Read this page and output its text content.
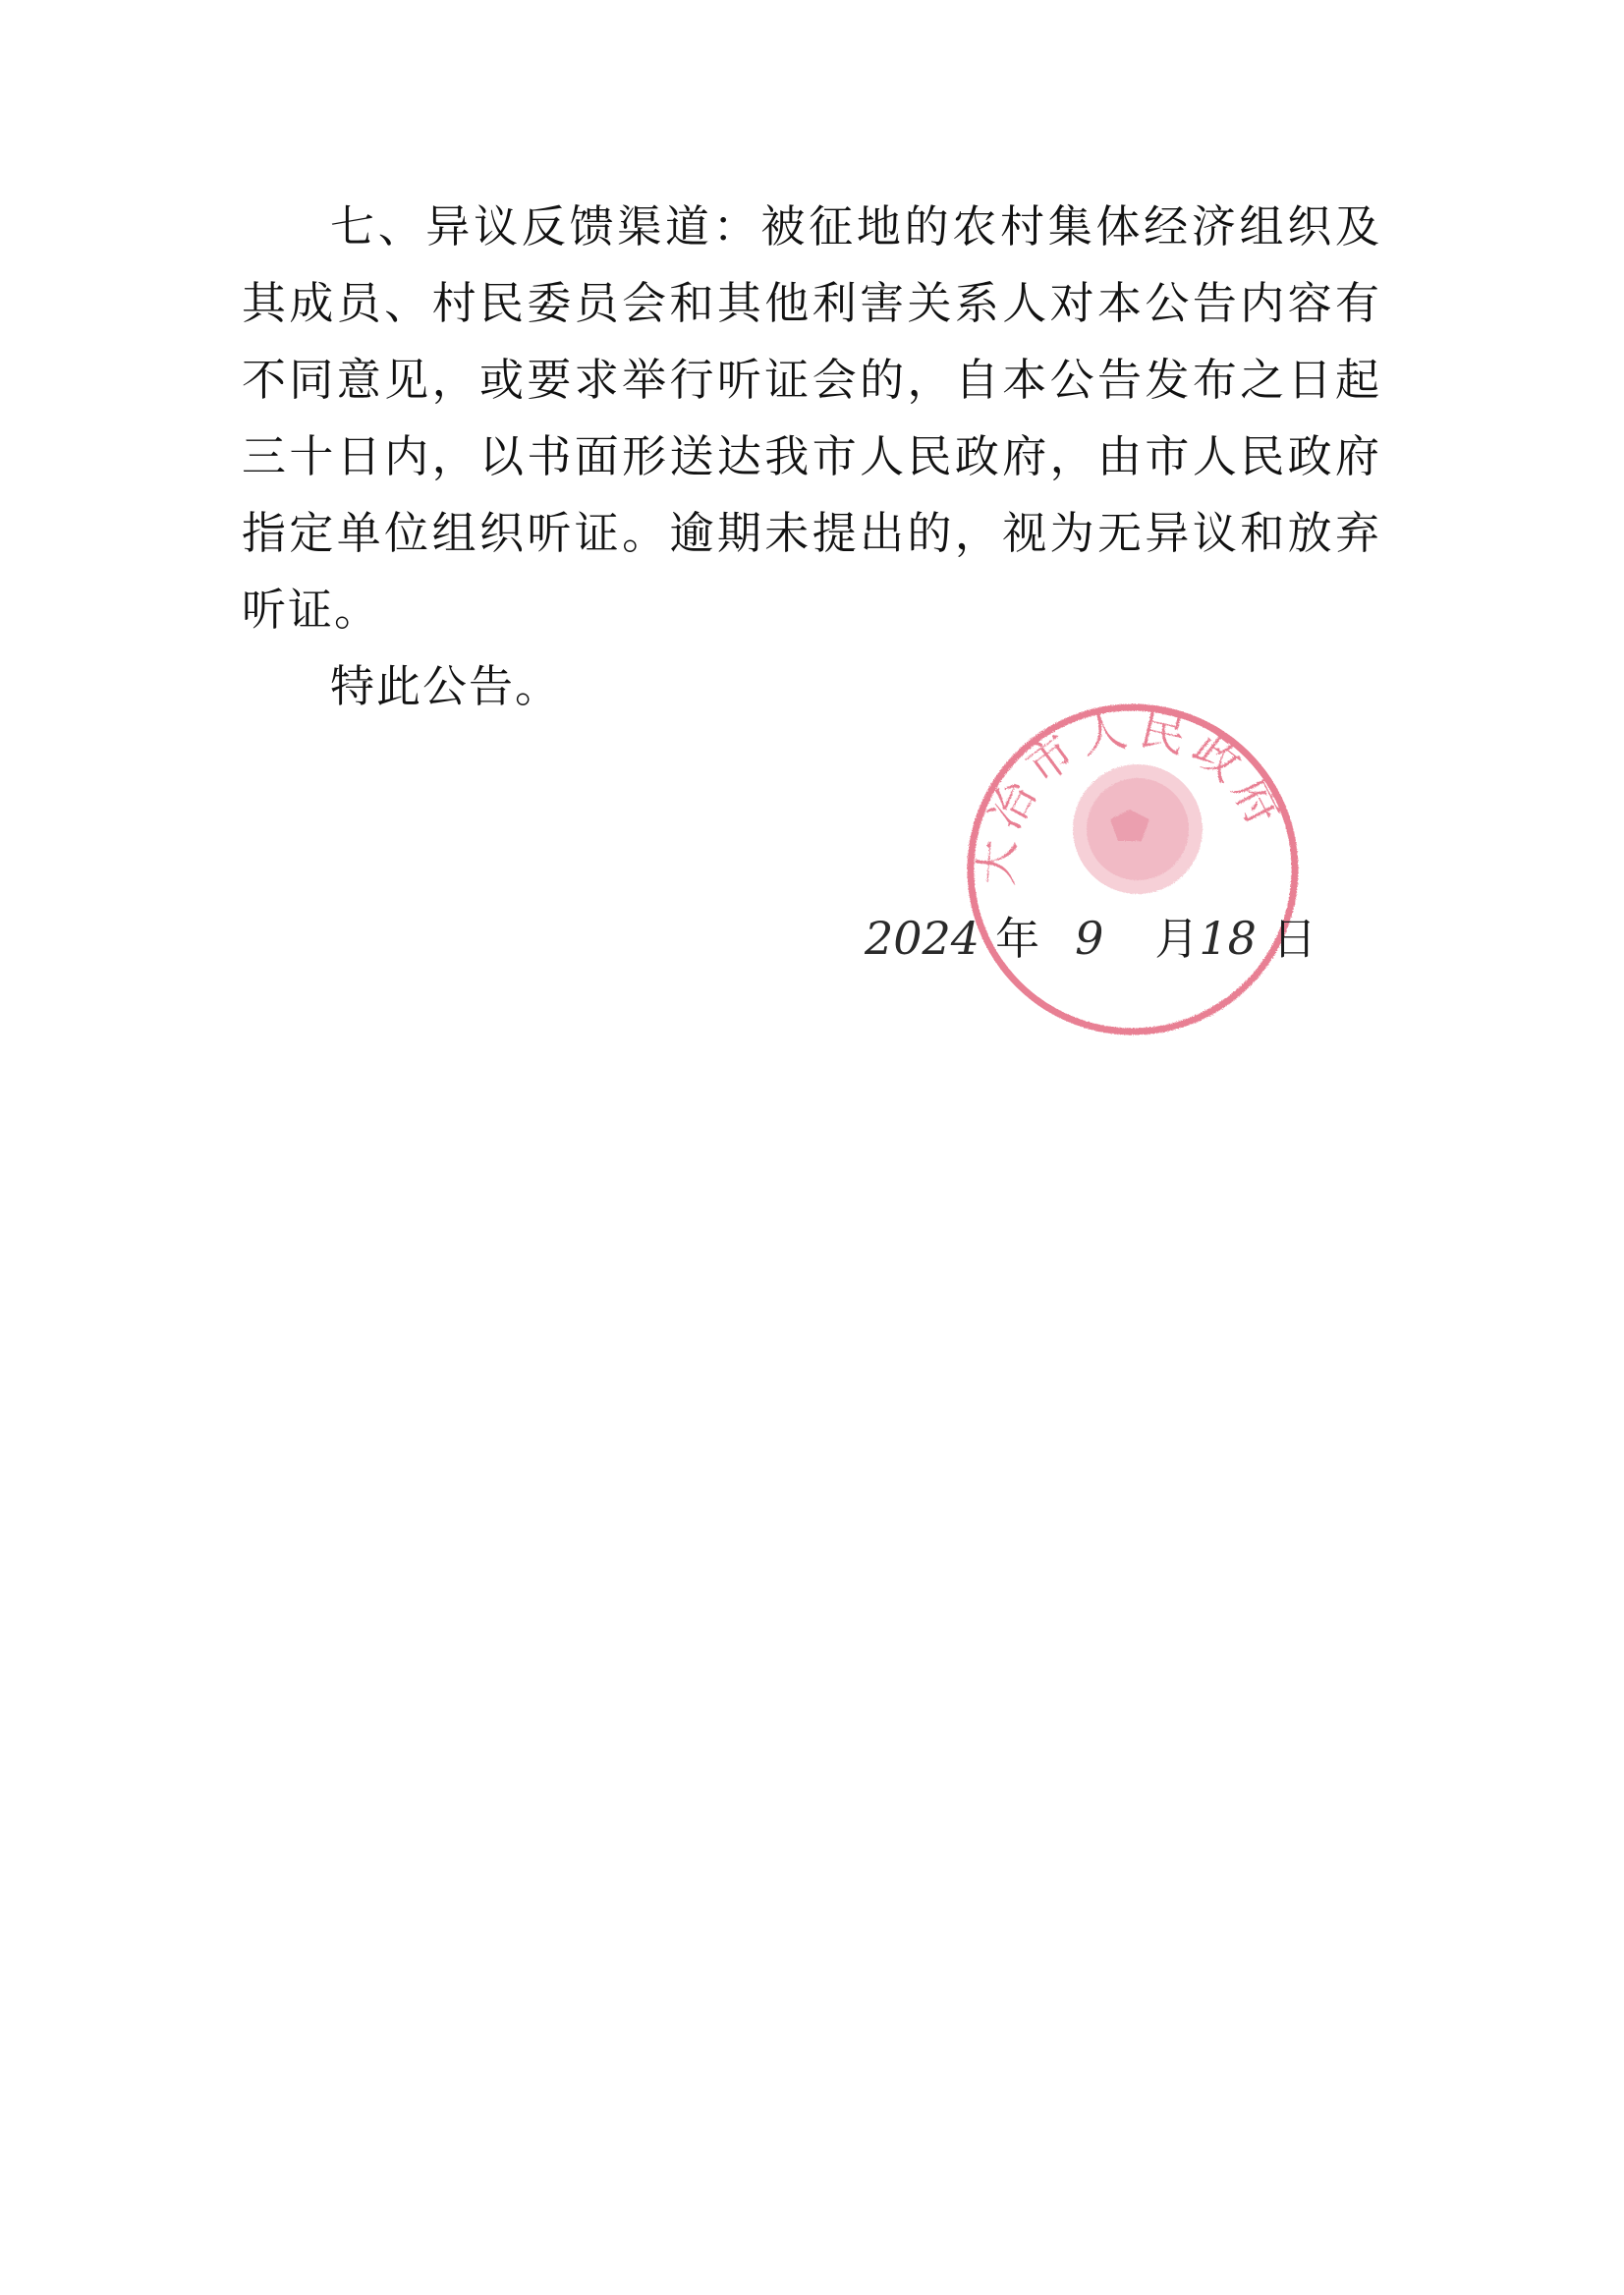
七、异议反馈渠道：被征地的农村集体经济组织及其成员、村民委员会和其他利害关系人对本公告内容有不同意见，或要求举行听证会的，自本公告发布之日起三十日内，以书面形送达我市人民政府，由市人民政府指定单位组织听证。逾期未提出的，视为无异议和放弃听证。

特此公告。

大冶市人民政府
2024 年 9 月18 日
